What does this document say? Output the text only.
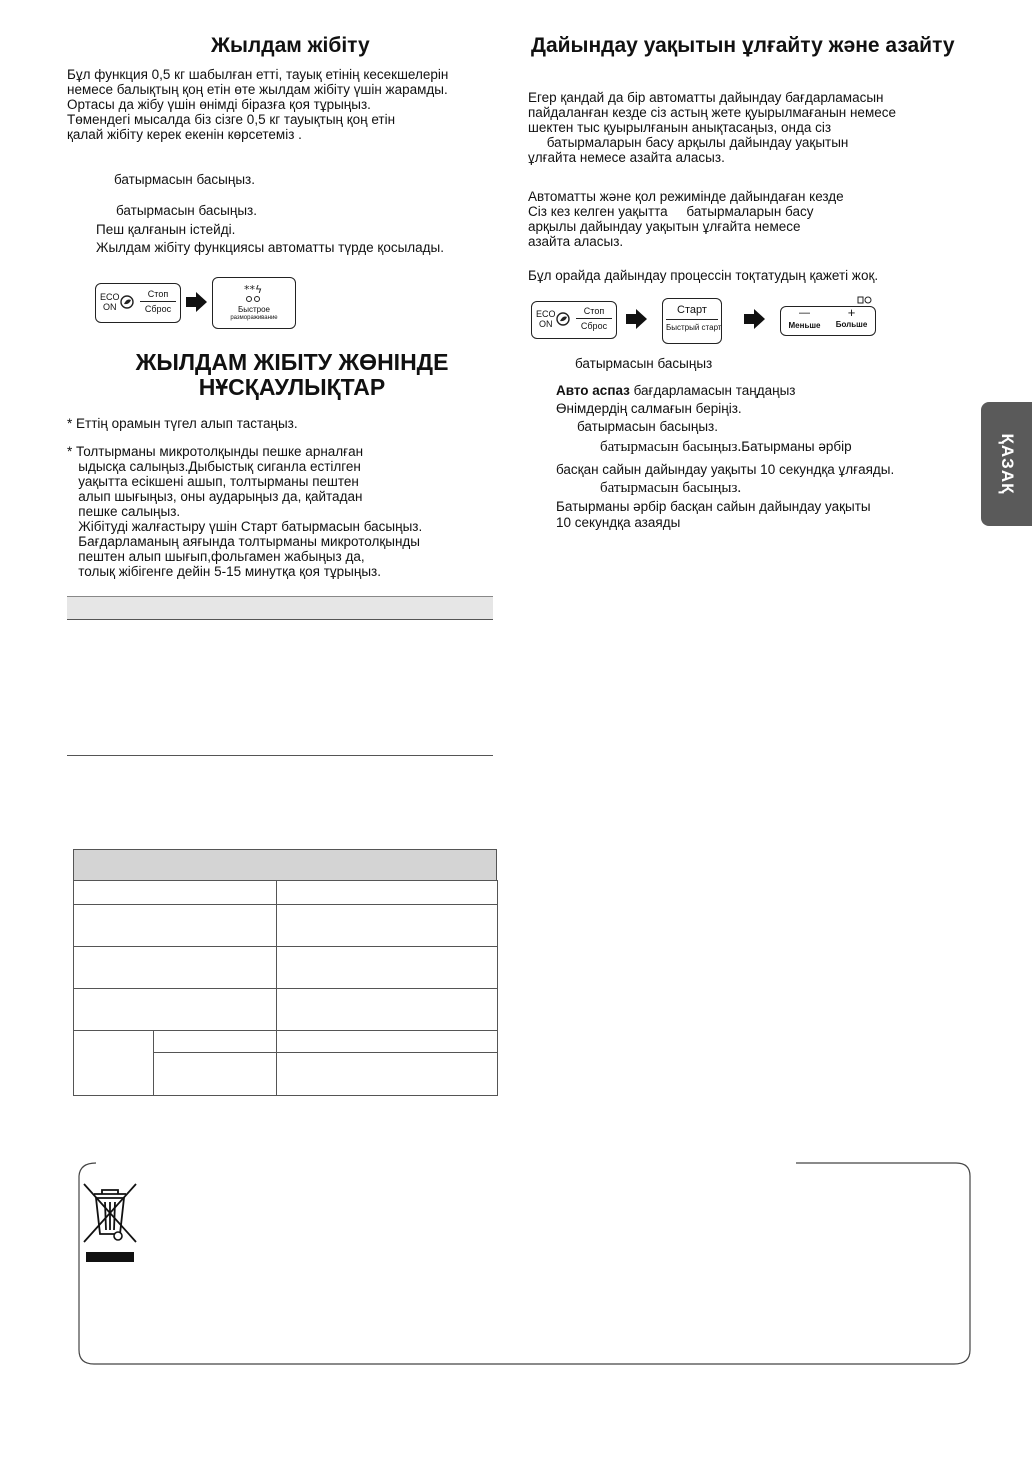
Жылдам жібіту
Бұл функция 0,5 кг шабылған етті, тауық етінің кесекшелерін
немесе балықтың қоң етін өте жылдам жібіту үшін жарамды.
Ортасы да жібу үшін өнімді біразға қоя тұрыңыз.
Төмендегі мысалда біз сізге 0,5 кг тауықтың қоң етін
қалай жібіту керек екенін көрсетеміз .
батырмасын басыңыз.
батырмасын басыңыз.
Пеш қалғанын істейді.
Жылдам жібіту функциясы автоматты түрде қосылады.
ECO
ON
Стоп
Сброс
**ϟ
Быстрое
размораживание
ЖЫЛДАМ ЖІБІТУ ЖӨНІНДЕ
НҰСҚАУЛЫҚТАР
* Еттің орамын түгел алып тастаңыз.
* Толтырманы микротолқынды пешке арналған
ыдысқа салыңыз.Дыбыстық сиганла естілген
уақытта есікшені ашып, толтырманы пештен
алып шығыңыз, оны аударыңыз да, қайтадан
пешке салыңыз.
Жібітуді жалғастыру үшін Старт батырмасын басыңыз.
Бағдарламаның аяғында толтырманы микротолқынды
пештен алып шығып,фольгамен жабыңыз да,
толық жібігенге дейін 5-15 минутқа қоя тұрыңыз.

Дайындау уақытын ұлғайту және азайту
Егер қандай да бір автоматты дайындау бағдарламасын
пайдаланған кезде сіз астың жете қуырылмағанын немесе
шектен тыс қуырылғанын анықтасаңыз, онда сіз
батырмаларын басу арқылы дайындау уақытын
ұлғайта немесе азайта аласыз.
Автоматты және қол режимінде дайындаған кезде
Сіз кез келген уақытта     батырмаларын басу
арқылы дайындау уақытын ұлғайта немесе
азайта аласыз.
Бұл орайда дайындау процессін тоқтатудың қажеті жоқ.
ECO
ON
Стоп
Сброс
Старт
Быстрый старт
—
Меньше
+
Больше
батырмасын басыңыз
Авто аспаз бағдарламасын таңдаңыз
Өнімдердің салмағын беріңіз.
батырмасын басыңыз.
батырмасын басыңыз.Батырманы әрбір
басқан сайын дайындау уақыты 10 секундқа ұлғаяды.
батырмасын басыңыз.
Батырманы әрбір басқан сайын дайындау уақыты
10 секундқа азаяды
ҚАЗАҚ
